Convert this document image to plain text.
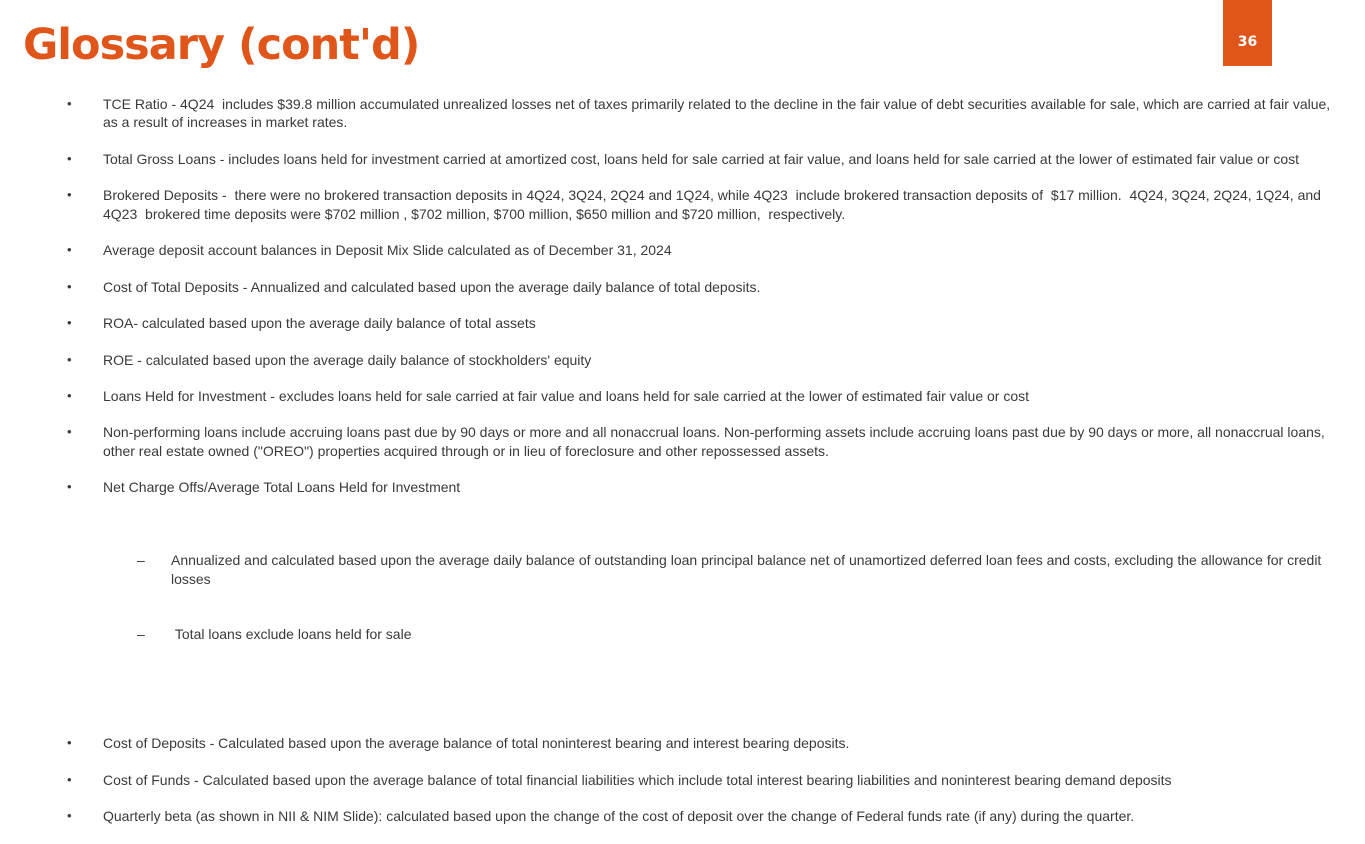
Glossary (cont'd)	36
• TCE Ratio - 4Q24  includes $39.8 million accumulated unrealized losses net of taxes primarily related to the decline in the fair value of debt securities available for sale, which are carried at fair value, as a result of increases in market rates.
• Total Gross Loans - includes loans held for investment carried at amortized cost, loans held for sale carried at fair value, and loans held for sale carried at the lower of estimated fair value or cost
• Brokered Deposits -  there were no brokered transaction deposits in 4Q24, 3Q24, 2Q24 and 1Q24, while 4Q23  include brokered transaction deposits of  $17 million.  4Q24, 3Q24, 2Q24, 1Q24, and 4Q23  brokered time deposits were $702 million , $702 million, $700 million, $650 million and $720 million,  respectively.
• Average deposit account balances in Deposit Mix Slide calculated as of December 31, 2024
• Cost of Total Deposits - Annualized and calculated based upon the average daily balance of total deposits.
• ROA- calculated based upon the average daily balance of total assets
• ROE - calculated based upon the average daily balance of stockholders' equity
• Loans Held for Investment - excludes loans held for sale carried at fair value and loans held for sale carried at the lower of estimated fair value or cost
• Non-performing loans include accruing loans past due by 90 days or more and all nonaccrual loans. Non-performing assets include accruing loans past due by 90 days or more, all nonaccrual loans, other real estate owned ("OREO") properties acquired through or in lieu of foreclosure and other repossessed assets.
• Net Charge Offs/Average Total Loans Held for Investment

– Annualized and calculated based upon the average daily balance of outstanding loan principal balance net of unamortized deferred loan fees and costs, excluding the allowance for credit losses

– Total loans exclude loans held for sale

• Cost of Deposits - Calculated based upon the average balance of total noninterest bearing and interest bearing deposits.
• Cost of Funds - Calculated based upon the average balance of total financial liabilities which include total interest bearing liabilities and noninterest bearing demand deposits
• Quarterly beta (as shown in NII & NIM Slide): calculated based upon the change of the cost of deposit over the change of Federal funds rate (if any) during the quarter.
